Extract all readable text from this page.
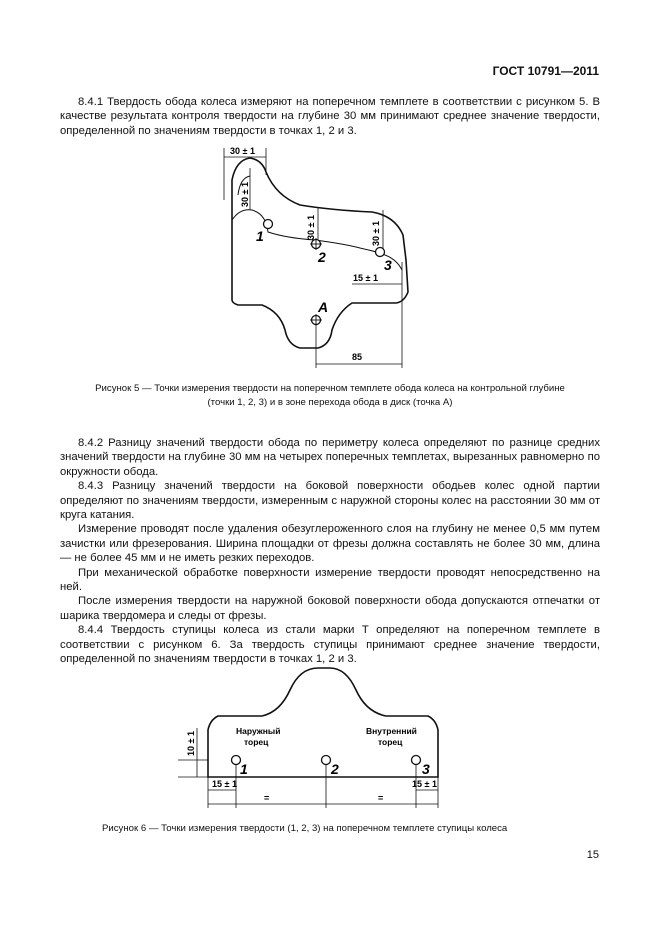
ГОСТ 10791—2011

8.4.1 Твердость обода колеса измеряют на поперечном темплете в соответствии с рисунком 5. В качестве результата контроля твердости на глубине 30 мм принимают среднее значение твердости, определенной по значениям твердости в точках 1, 2 и 3.

30 ± 1
30 ± 1
30 ± 1	30 ± 1
15 ± 1
85
1
2	3
A
Наружный
торец
Внутренний
торец
10 ± 1
15 ± 1	15 ± 1
=	=
1	2	3
Рисунок 5 — Точки измерения твердости на поперечном темплете обода колеса на контрольной глубине
(точки 1, 2, 3) и в зоне перехода обода в диск (точка A)

8.4.2 Разницу значений твердости обода по периметру колеса определяют по разнице средних значений твердости на глубине 30 мм на четырех поперечных темплетах, вырезанных равномерно по окружности обода.

8.4.3 Разницу значений твердости на боковой поверхности ободьев колес одной партии определяют по значениям твердости, измеренным с наружной стороны колес на расстоянии 30 мм от круга катания.

Измерение проводят после удаления обезуглероженного слоя на глубину не менее 0,5 мм путем зачистки или фрезерования. Ширина площадки от фрезы должна составлять не более 30 мм, длина — не более 45 мм и не иметь резких переходов.

При механической обработке поверхности измерение твердости проводят непосредственно на ней.

После измерения твердости на наружной боковой поверхности обода допускаются отпечатки от шарика твердомера и следы от фрезы.

8.4.4 Твердость ступицы колеса из стали марки Т определяют на поперечном темплете в соответствии с рисунком 6. За твердость ступицы принимают среднее значение твердости, определенной по значениям твердости в точках 1, 2 и 3.

Рисунок 6 — Точки измерения твердости (1, 2, 3) на поперечном темплете ступицы колеса
15
